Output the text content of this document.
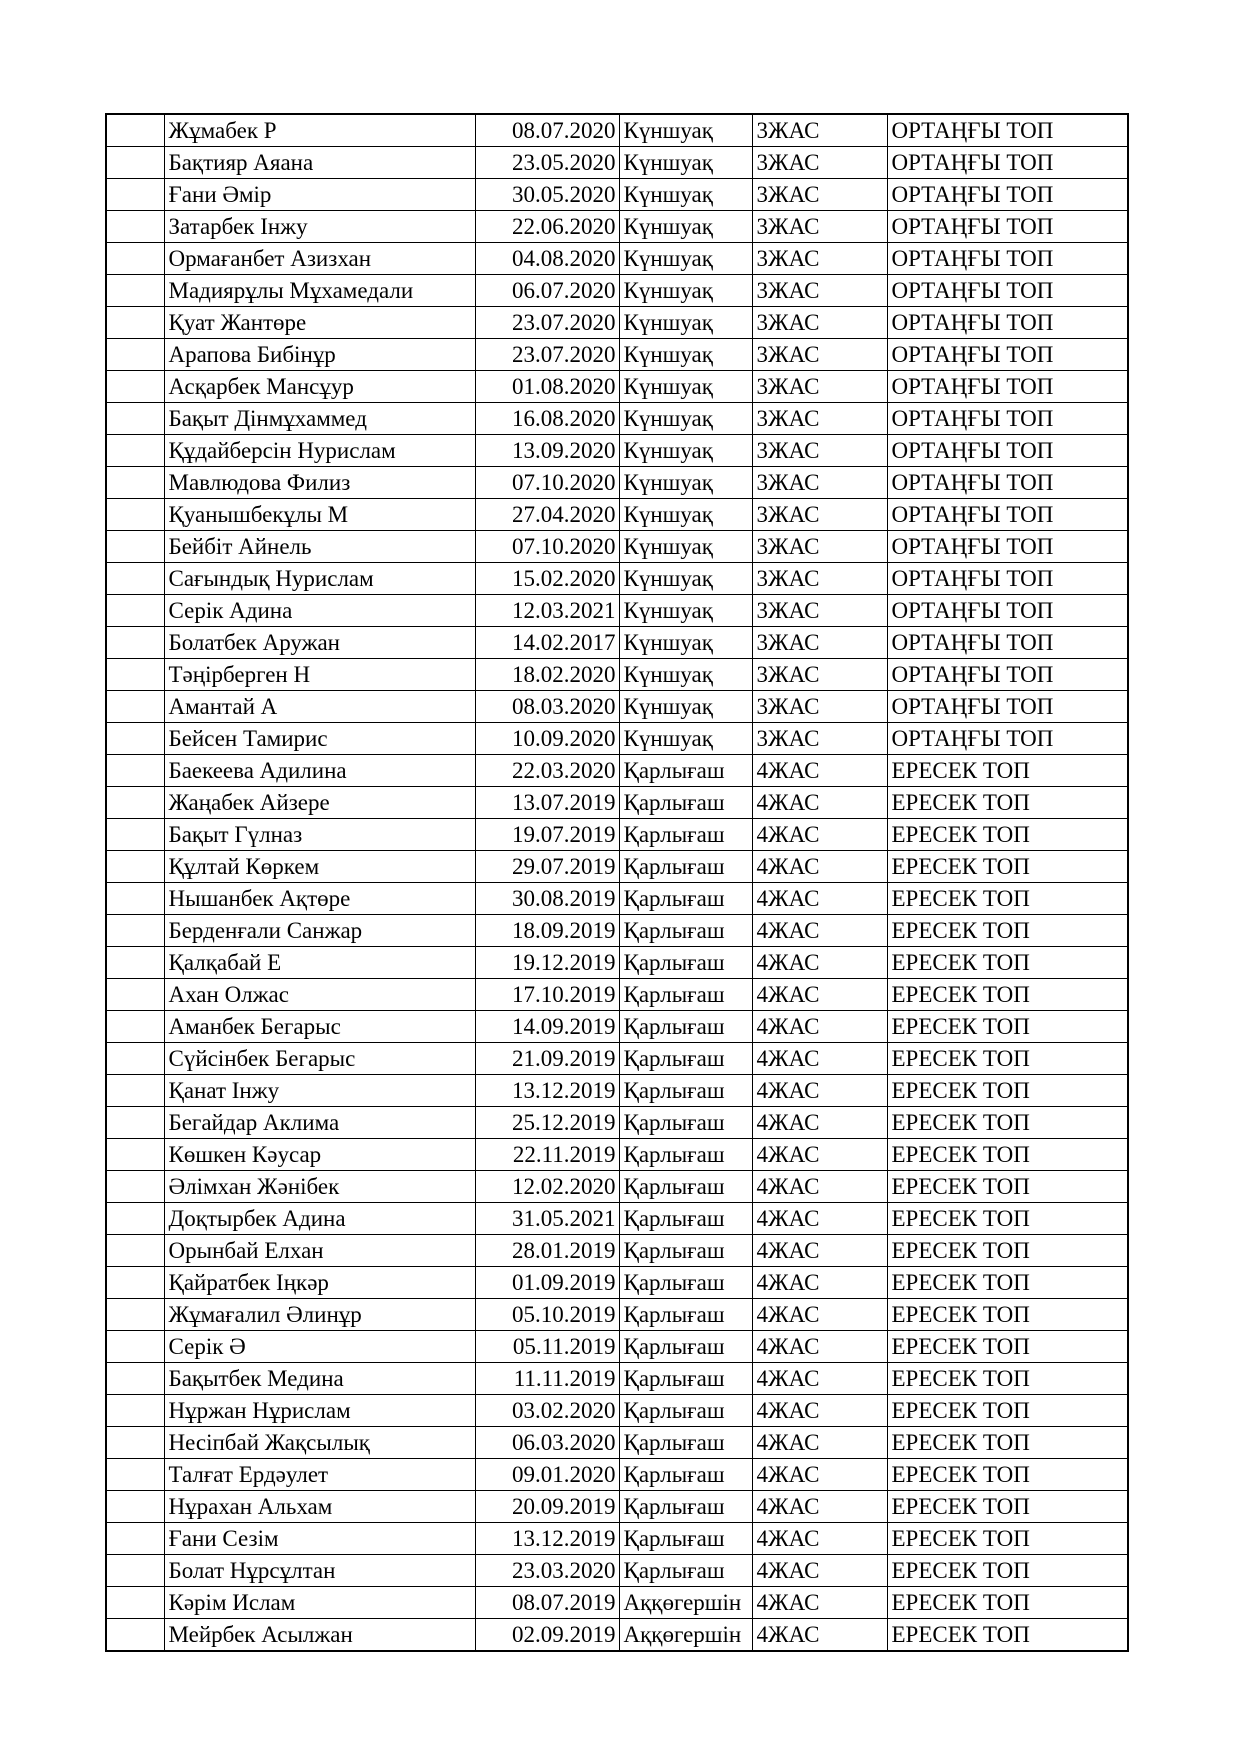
	Жұмабек Р	08.07.2020	Күншуақ	3ЖАС	ОРТАҢҒЫ ТОП
	Бақтияр Аяана	23.05.2020	Күншуақ	3ЖАС	ОРТАҢҒЫ ТОП
	Ғани Әмір	30.05.2020	Күншуақ	3ЖАС	ОРТАҢҒЫ ТОП
	Затарбек Інжу	22.06.2020	Күншуақ	3ЖАС	ОРТАҢҒЫ ТОП
	Ормағанбет Азизхан	04.08.2020	Күншуақ	3ЖАС	ОРТАҢҒЫ ТОП
	Мадиярұлы Мұхамедали	06.07.2020	Күншуақ	3ЖАС	ОРТАҢҒЫ ТОП
	Қуат Жантөре	23.07.2020	Күншуақ	3ЖАС	ОРТАҢҒЫ ТОП
	Арапова Бибінұр	23.07.2020	Күншуақ	3ЖАС	ОРТАҢҒЫ ТОП
	Асқарбек Мансұур	01.08.2020	Күншуақ	3ЖАС	ОРТАҢҒЫ ТОП
	Бақыт Дінмұхаммед	16.08.2020	Күншуақ	3ЖАС	ОРТАҢҒЫ ТОП
	Құдайберсін Нурислам	13.09.2020	Күншуақ	3ЖАС	ОРТАҢҒЫ ТОП
	Мавлюдова Филиз	07.10.2020	Күншуақ	3ЖАС	ОРТАҢҒЫ ТОП
	Қуанышбекұлы М	27.04.2020	Күншуақ	3ЖАС	ОРТАҢҒЫ ТОП
	Бейбіт Айнель	07.10.2020	Күншуақ	3ЖАС	ОРТАҢҒЫ ТОП
	Сағындық Нурислам	15.02.2020	Күншуақ	3ЖАС	ОРТАҢҒЫ ТОП
	Серік Адина	12.03.2021	Күншуақ	3ЖАС	ОРТАҢҒЫ ТОП
	Болатбек Аружан	14.02.2017	Күншуақ	3ЖАС	ОРТАҢҒЫ ТОП
	Тәңірберген Н	18.02.2020	Күншуақ	3ЖАС	ОРТАҢҒЫ ТОП
	Амантай А	08.03.2020	Күншуақ	3ЖАС	ОРТАҢҒЫ ТОП
	Бейсен Тамирис	10.09.2020	Күншуақ	3ЖАС	ОРТАҢҒЫ ТОП
	Баекеева Адилина	22.03.2020	Қарлығаш	4ЖАС	ЕРЕСЕК ТОП
	Жаңабек Айзере	13.07.2019	Қарлығаш	4ЖАС	ЕРЕСЕК ТОП
	Бақыт Гүлназ	19.07.2019	Қарлығаш	4ЖАС	ЕРЕСЕК ТОП
	Құлтай Көркем	29.07.2019	Қарлығаш	4ЖАС	ЕРЕСЕК ТОП
	Нышанбек Ақтөре	30.08.2019	Қарлығаш	4ЖАС	ЕРЕСЕК ТОП
	Берденғали Санжар	18.09.2019	Қарлығаш	4ЖАС	ЕРЕСЕК ТОП
	Қалқабай Е	19.12.2019	Қарлығаш	4ЖАС	ЕРЕСЕК ТОП
	Ахан Олжас	17.10.2019	Қарлығаш	4ЖАС	ЕРЕСЕК ТОП
	Аманбек Бегарыс	14.09.2019	Қарлығаш	4ЖАС	ЕРЕСЕК ТОП
	Сүйсінбек Бегарыс	21.09.2019	Қарлығаш	4ЖАС	ЕРЕСЕК ТОП
	Қанат Інжу	13.12.2019	Қарлығаш	4ЖАС	ЕРЕСЕК ТОП
	Бегайдар Аклима	25.12.2019	Қарлығаш	4ЖАС	ЕРЕСЕК ТОП
	Көшкен Кәусар	22.11.2019	Қарлығаш	4ЖАС	ЕРЕСЕК ТОП
	Әлімхан Жәнібек	12.02.2020	Қарлығаш	4ЖАС	ЕРЕСЕК ТОП
	Доқтырбек Адина	31.05.2021	Қарлығаш	4ЖАС	ЕРЕСЕК ТОП
	Орынбай Елхан	28.01.2019	Қарлығаш	4ЖАС	ЕРЕСЕК ТОП
	Қайратбек Іңкәр	01.09.2019	Қарлығаш	4ЖАС	ЕРЕСЕК ТОП
	Жұмағалил Әлинұр	05.10.2019	Қарлығаш	4ЖАС	ЕРЕСЕК ТОП
	Серік Ә	05.11.2019	Қарлығаш	4ЖАС	ЕРЕСЕК ТОП
	Бақытбек Медина	11.11.2019	Қарлығаш	4ЖАС	ЕРЕСЕК ТОП
	Нұржан Нұрислам	03.02.2020	Қарлығаш	4ЖАС	ЕРЕСЕК ТОП
	Несіпбай Жақсылық	06.03.2020	Қарлығаш	4ЖАС	ЕРЕСЕК ТОП
	Талғат Ердәулет	09.01.2020	Қарлығаш	4ЖАС	ЕРЕСЕК ТОП
	Нұрахан Альхам	20.09.2019	Қарлығаш	4ЖАС	ЕРЕСЕК ТОП
	Ғани Сезім	13.12.2019	Қарлығаш	4ЖАС	ЕРЕСЕК ТОП
	Болат Нұрсұлтан	23.03.2020	Қарлығаш	4ЖАС	ЕРЕСЕК ТОП
	Кәрім Ислам	08.07.2019	Аққөгершін	4ЖАС	ЕРЕСЕК ТОП
	Мейрбек Асылжан	02.09.2019	Аққөгершін	4ЖАС	ЕРЕСЕК ТОП
